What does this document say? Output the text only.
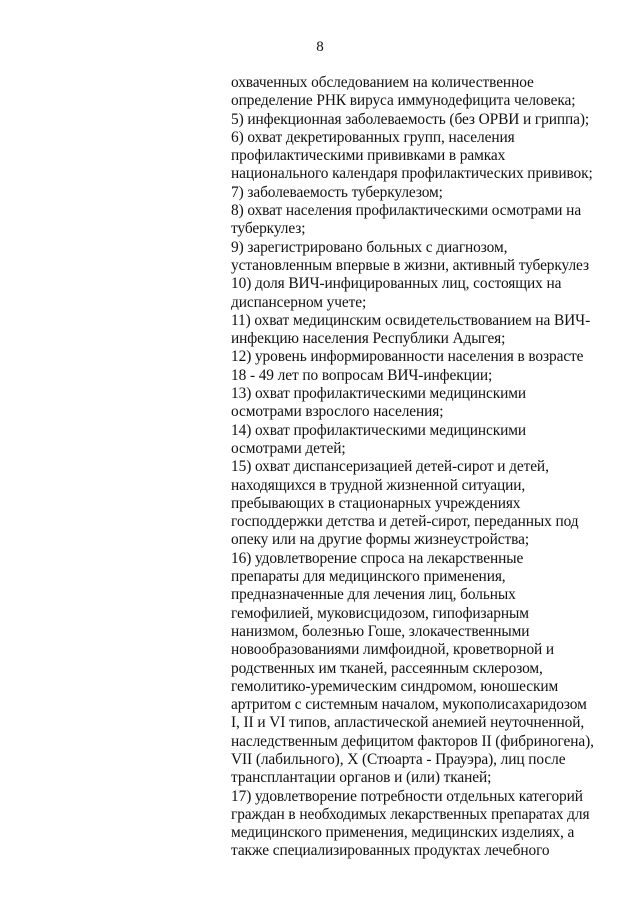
8
охваченных обследованием на количественное
определение РНК вируса иммунодефицита человека;
5) инфекционная заболеваемость (без ОРВИ и гриппа);
6) охват декретированных групп, населения
профилактическими прививками в рамках
национального календаря профилактических прививок;
7) заболеваемость туберкулезом;
8) охват населения профилактическими осмотрами на
туберкулез;
9) зарегистрировано больных с диагнозом,
установленным впервые в жизни, активный туберкулез
10) доля ВИЧ-инфицированных лиц, состоящих на
диспансерном учете;
11) охват медицинским освидетельствованием на ВИЧ-
инфекцию населения Республики Адыгея;
12) уровень информированности населения в возрасте
18 - 49 лет по вопросам ВИЧ-инфекции;
13) охват профилактическими медицинскими
осмотрами взрослого населения;
14) охват профилактическими медицинскими
осмотрами детей;
15) охват диспансеризацией детей-сирот и детей,
находящихся в трудной жизненной ситуации,
пребывающих в стационарных учреждениях
господдержки детства и детей-сирот, переданных под
опеку или на другие формы жизнеустройства;
16) удовлетворение спроса на лекарственные
препараты для медицинского применения,
предназначенные для лечения лиц, больных
гемофилией, муковисцидозом, гипофизарным
нанизмом, болезнью Гоше, злокачественными
новообразованиями лимфоидной, кроветворной и
родственных им тканей, рассеянным склерозом,
гемолитико-уремическим синдромом, юношеским
артритом с системным началом, мукополисахаридозом
I, II и VI типов, апластической анемией неуточненной,
наследственным дефицитом факторов II (фибриногена),
VII (лабильного), X (Стюарта - Прауэра), лиц после
трансплантации органов и (или) тканей;
17) удовлетворение потребности отдельных категорий
граждан в необходимых лекарственных препаратах для
медицинского применения, медицинских изделиях, а
также специализированных продуктах лечебного
